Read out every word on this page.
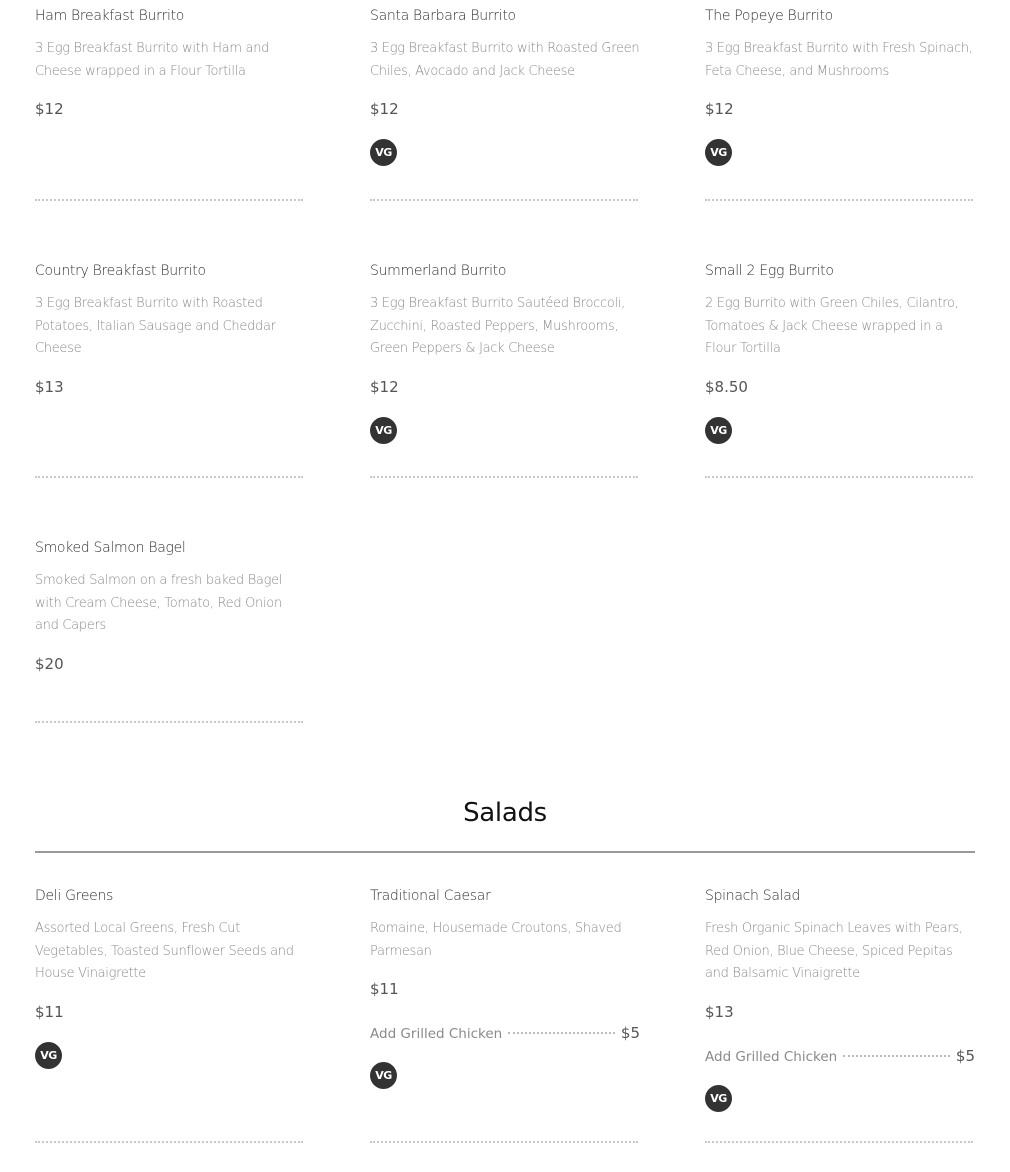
Ham Breakfast Burrito

3 Egg Breakfast Burrito with Ham and Cheese wrapped in a Flour Tortilla
$12

Santa Barbara Burrito

3 Egg Breakfast Burrito with Roasted Green Chiles, Avocado and Jack Cheese
$12
VG

The Popeye Burrito

3 Egg Breakfast Burrito with Fresh Spinach, Feta Cheese, and Mushrooms
$12
VG

Country Breakfast Burrito

3 Egg Breakfast Burrito with Roasted Potatoes, Italian Sausage and Cheddar Cheese
$13

Summerland Burrito

3 Egg Breakfast Burrito Sautéed Broccoli, Zucchini, Roasted Peppers, Mushrooms, Green Peppers & Jack Cheese
$12
VG

Small 2 Egg Burrito

2 Egg Burrito with Green Chiles, Cilantro, Tomatoes & Jack Cheese wrapped in a Flour Tortilla
$8.50
VG

Smoked Salmon Bagel

Smoked Salmon on a fresh baked Bagel with Cream Cheese, Tomato, Red Onion and Capers
$20
Salads

Deli Greens

Assorted Local Greens, Fresh Cut Vegetables, Toasted Sunflower Seeds and House Vinaigrette
$11
VG

Traditional Caesar

Romaine, Housemade Croutons, Shaved Parmesan
$11
Add Grilled Chicken	$5
VG

Spinach Salad

Fresh Organic Spinach Leaves with Pears, Red Onion, Blue Cheese, Spiced Pepitas and Balsamic Vinaigrette
$13
Add Grilled Chicken	$5
VG
